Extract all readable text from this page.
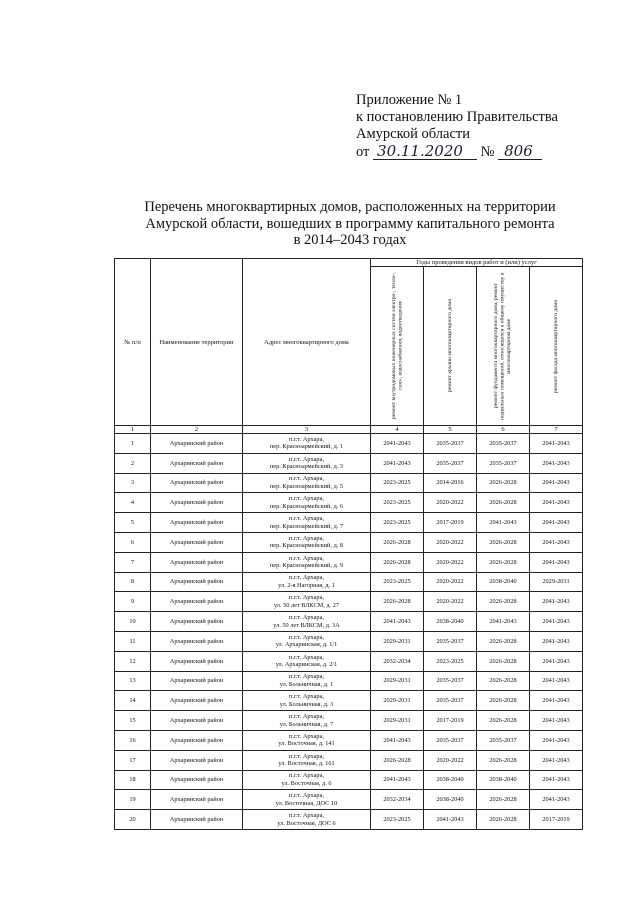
Приложение № 1
к постановлению Правительства
Амурской области
от 30.11.2020 № 806
Перечень многоквартирных домов, расположенных на территории
Амурской области, вошедших в программу капитального ремонта
в 2014–2043 годах
№ п/п	Наименование территории	Адрес многоквартирного дома	Годы проведения видов работ и (или) услуг			

			ремонт внутридомовых инженерных систем электро-, тепло-, газо-, водоснабжения, водоотведения	ремонт крыши многоквартирного дома	ремонт фундамента многоквартирного дома, ремонт подвальных помещений, относящихся к общему имуществу в многоквартирном доме	ремонт фасада многоквартирного дома

1	2	3	4	5	6	7
1	Архаринский район	п.г.т. Архара,
пер. Красноармейский, д. 1	2041-2043	2035-2037	2035-2037	2041-2043
2	Архаринский район	п.г.т. Архара,
пер. Красноармейский, д. 3	2041-2043	2035-2037	2035-2037	2041-2043
3	Архаринский район	п.г.т. Архара,
пер. Красноармейский, д. 5	2023-2025	2014-2016	2026-2028	2041-2043
4	Архаринский район	п.г.т. Архара,
пер. Красноармейский, д. 6	2023-2025	2020-2022	2026-2028	2041-2043
5	Архаринский район	п.г.т. Архара,
пер. Красноармейский, д. 7	2023-2025	2017-2019	2041-2043	2041-2043
6	Архаринский район	п.г.т. Архара,
пер. Красноармейский, д. 8	2026-2028	2020-2022	2026-2028	2041-2043
7	Архаринский район	п.г.т. Архара,
пер. Красноармейский, д. 9	2026-2028	2020-2022	2026-2028	2041-2043
8	Архаринский район	п.г.т. Архара,
ул. 2-я Нагорная, д. 1	2023-2025	2020-2022	2038-2040	2029-2031
9	Архаринский район	п.г.т. Архара,
ул. 50 лет ВЛКСМ, д. 27	2026-2028	2020-2022	2026-2028	2041-2043
10	Архаринский район	п.г.т. Архара,
ул. 50 лет ВЛКСМ, д. 3А	2041-2043	2038-2040	2041-2043	2041-2043
11	Архаринский район	п.г.т. Архара,
ул. Архаринская, д. 1/1	2029-2031	2035-2037	2026-2028	2041-2043
12	Архаринский район	п.г.т. Архара,
ул. Архаринская, д. 2/1	2032-2034	2023-2025	2026-2028	2041-2043
13	Архаринский район	п.г.т. Архара,
ул. Больничная, д. 1	2029-2031	2035-2037	2026-2028	2041-2043
14	Архаринский район	п.г.т. Архара,
ул. Больничная, д. 3	2029-2031	2035-2037	2026-2028	2041-2043
15	Архаринский район	п.г.т. Архара,
ул. Больничная, д. 7	2029-2031	2017-2019	2026-2028	2041-2043
16	Архаринский район	п.г.т. Архара,
ул. Восточная, д. 141	2041-2043	2035-2037	2035-2037	2041-2043
17	Архаринский район	п.г.т. Архара,
ул. Восточная, д. 161	2026-2028	2020-2022	2026-2028	2041-2043
18	Архаринский район	п.г.т. Архара,
ул. Восточная, д. 6	2041-2043	2038-2040	2038-2040	2041-2043
19	Архаринский район	п.г.т. Архара,
ул. Восточная, ДОС 10	2032-2034	2038-2040	2026-2028	2041-2043
20	Архаринский район	п.г.т. Архара,
ул. Восточная, ДОС 6	2023-2025	2041-2043	2026-2028	2017-2019
